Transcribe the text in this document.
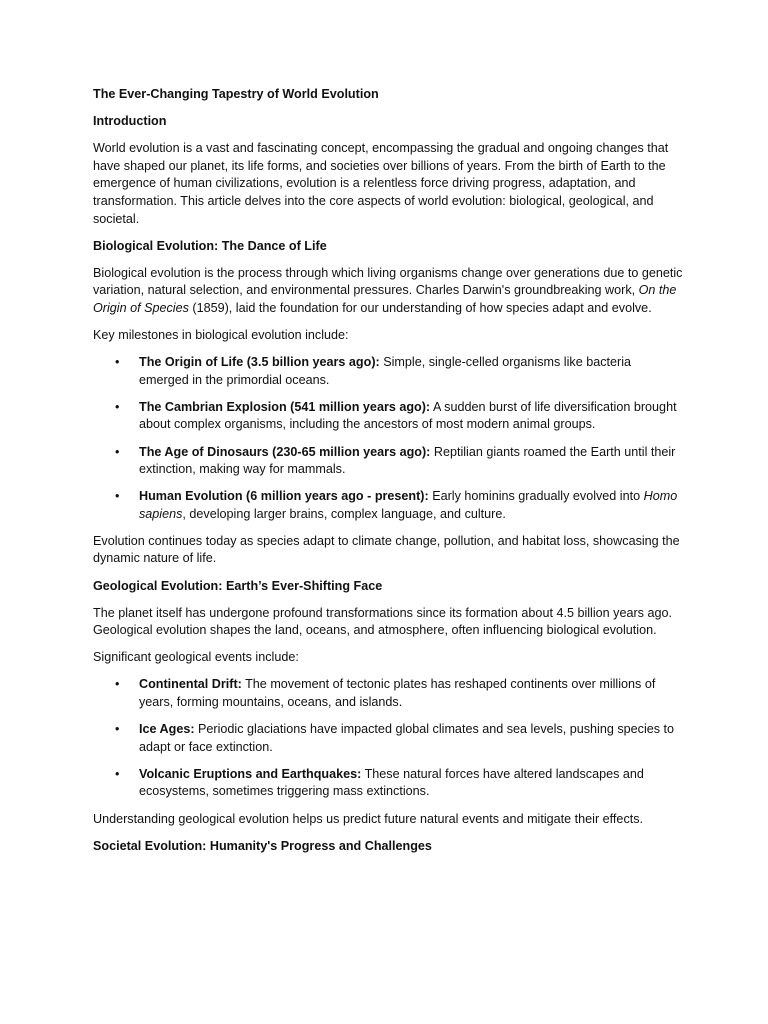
The Ever-Changing Tapestry of World Evolution
Introduction
World evolution is a vast and fascinating concept, encompassing the gradual and ongoing changes that have shaped our planet, its life forms, and societies over billions of years. From the birth of Earth to the emergence of human civilizations, evolution is a relentless force driving progress, adaptation, and transformation. This article delves into the core aspects of world evolution: biological, geological, and societal.
Biological Evolution: The Dance of Life
Biological evolution is the process through which living organisms change over generations due to genetic variation, natural selection, and environmental pressures. Charles Darwin's groundbreaking work, On the Origin of Species (1859), laid the foundation for our understanding of how species adapt and evolve.
Key milestones in biological evolution include:
• The Origin of Life (3.5 billion years ago): Simple, single-celled organisms like bacteria emerged in the primordial oceans.
• The Cambrian Explosion (541 million years ago): A sudden burst of life diversification brought about complex organisms, including the ancestors of most modern animal groups.
• The Age of Dinosaurs (230-65 million years ago): Reptilian giants roamed the Earth until their extinction, making way for mammals.
• Human Evolution (6 million years ago - present): Early hominins gradually evolved into Homo sapiens, developing larger brains, complex language, and culture.
Evolution continues today as species adapt to climate change, pollution, and habitat loss, showcasing the dynamic nature of life.
Geological Evolution: Earth’s Ever-Shifting Face
The planet itself has undergone profound transformations since its formation about 4.5 billion years ago. Geological evolution shapes the land, oceans, and atmosphere, often influencing biological evolution.
Significant geological events include:
• Continental Drift: The movement of tectonic plates has reshaped continents over millions of years, forming mountains, oceans, and islands.
• Ice Ages: Periodic glaciations have impacted global climates and sea levels, pushing species to adapt or face extinction.
• Volcanic Eruptions and Earthquakes: These natural forces have altered landscapes and ecosystems, sometimes triggering mass extinctions.
Understanding geological evolution helps us predict future natural events and mitigate their effects.
Societal Evolution: Humanity's Progress and Challenges
